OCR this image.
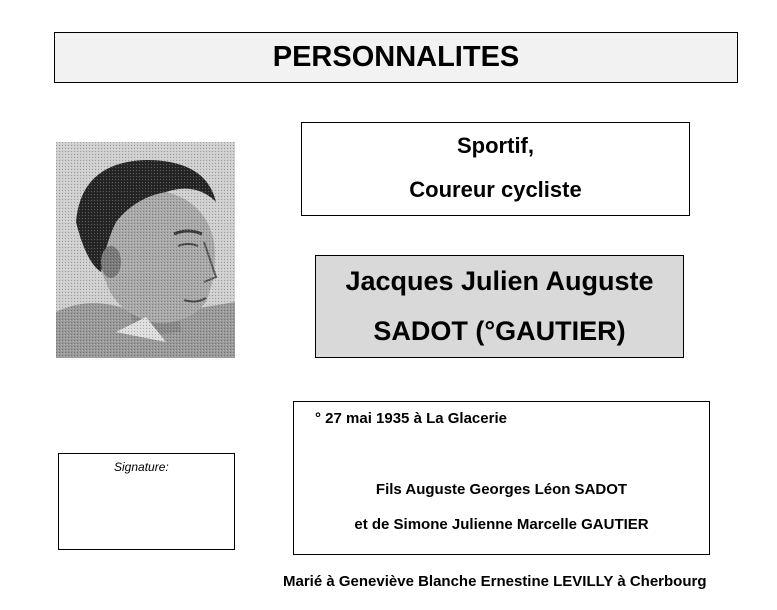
PERSONNALITES
Sportif,
Coureur cycliste
Jacques Julien Auguste
SADOT (°GAUTIER)
Signature:
° 27 mai 1935 à La Glacerie
Fils Auguste Georges Léon SADOT
et de Simone Julienne Marcelle GAUTIER
Marié à Geneviève Blanche Ernestine LEVILLY à Cherbourg
